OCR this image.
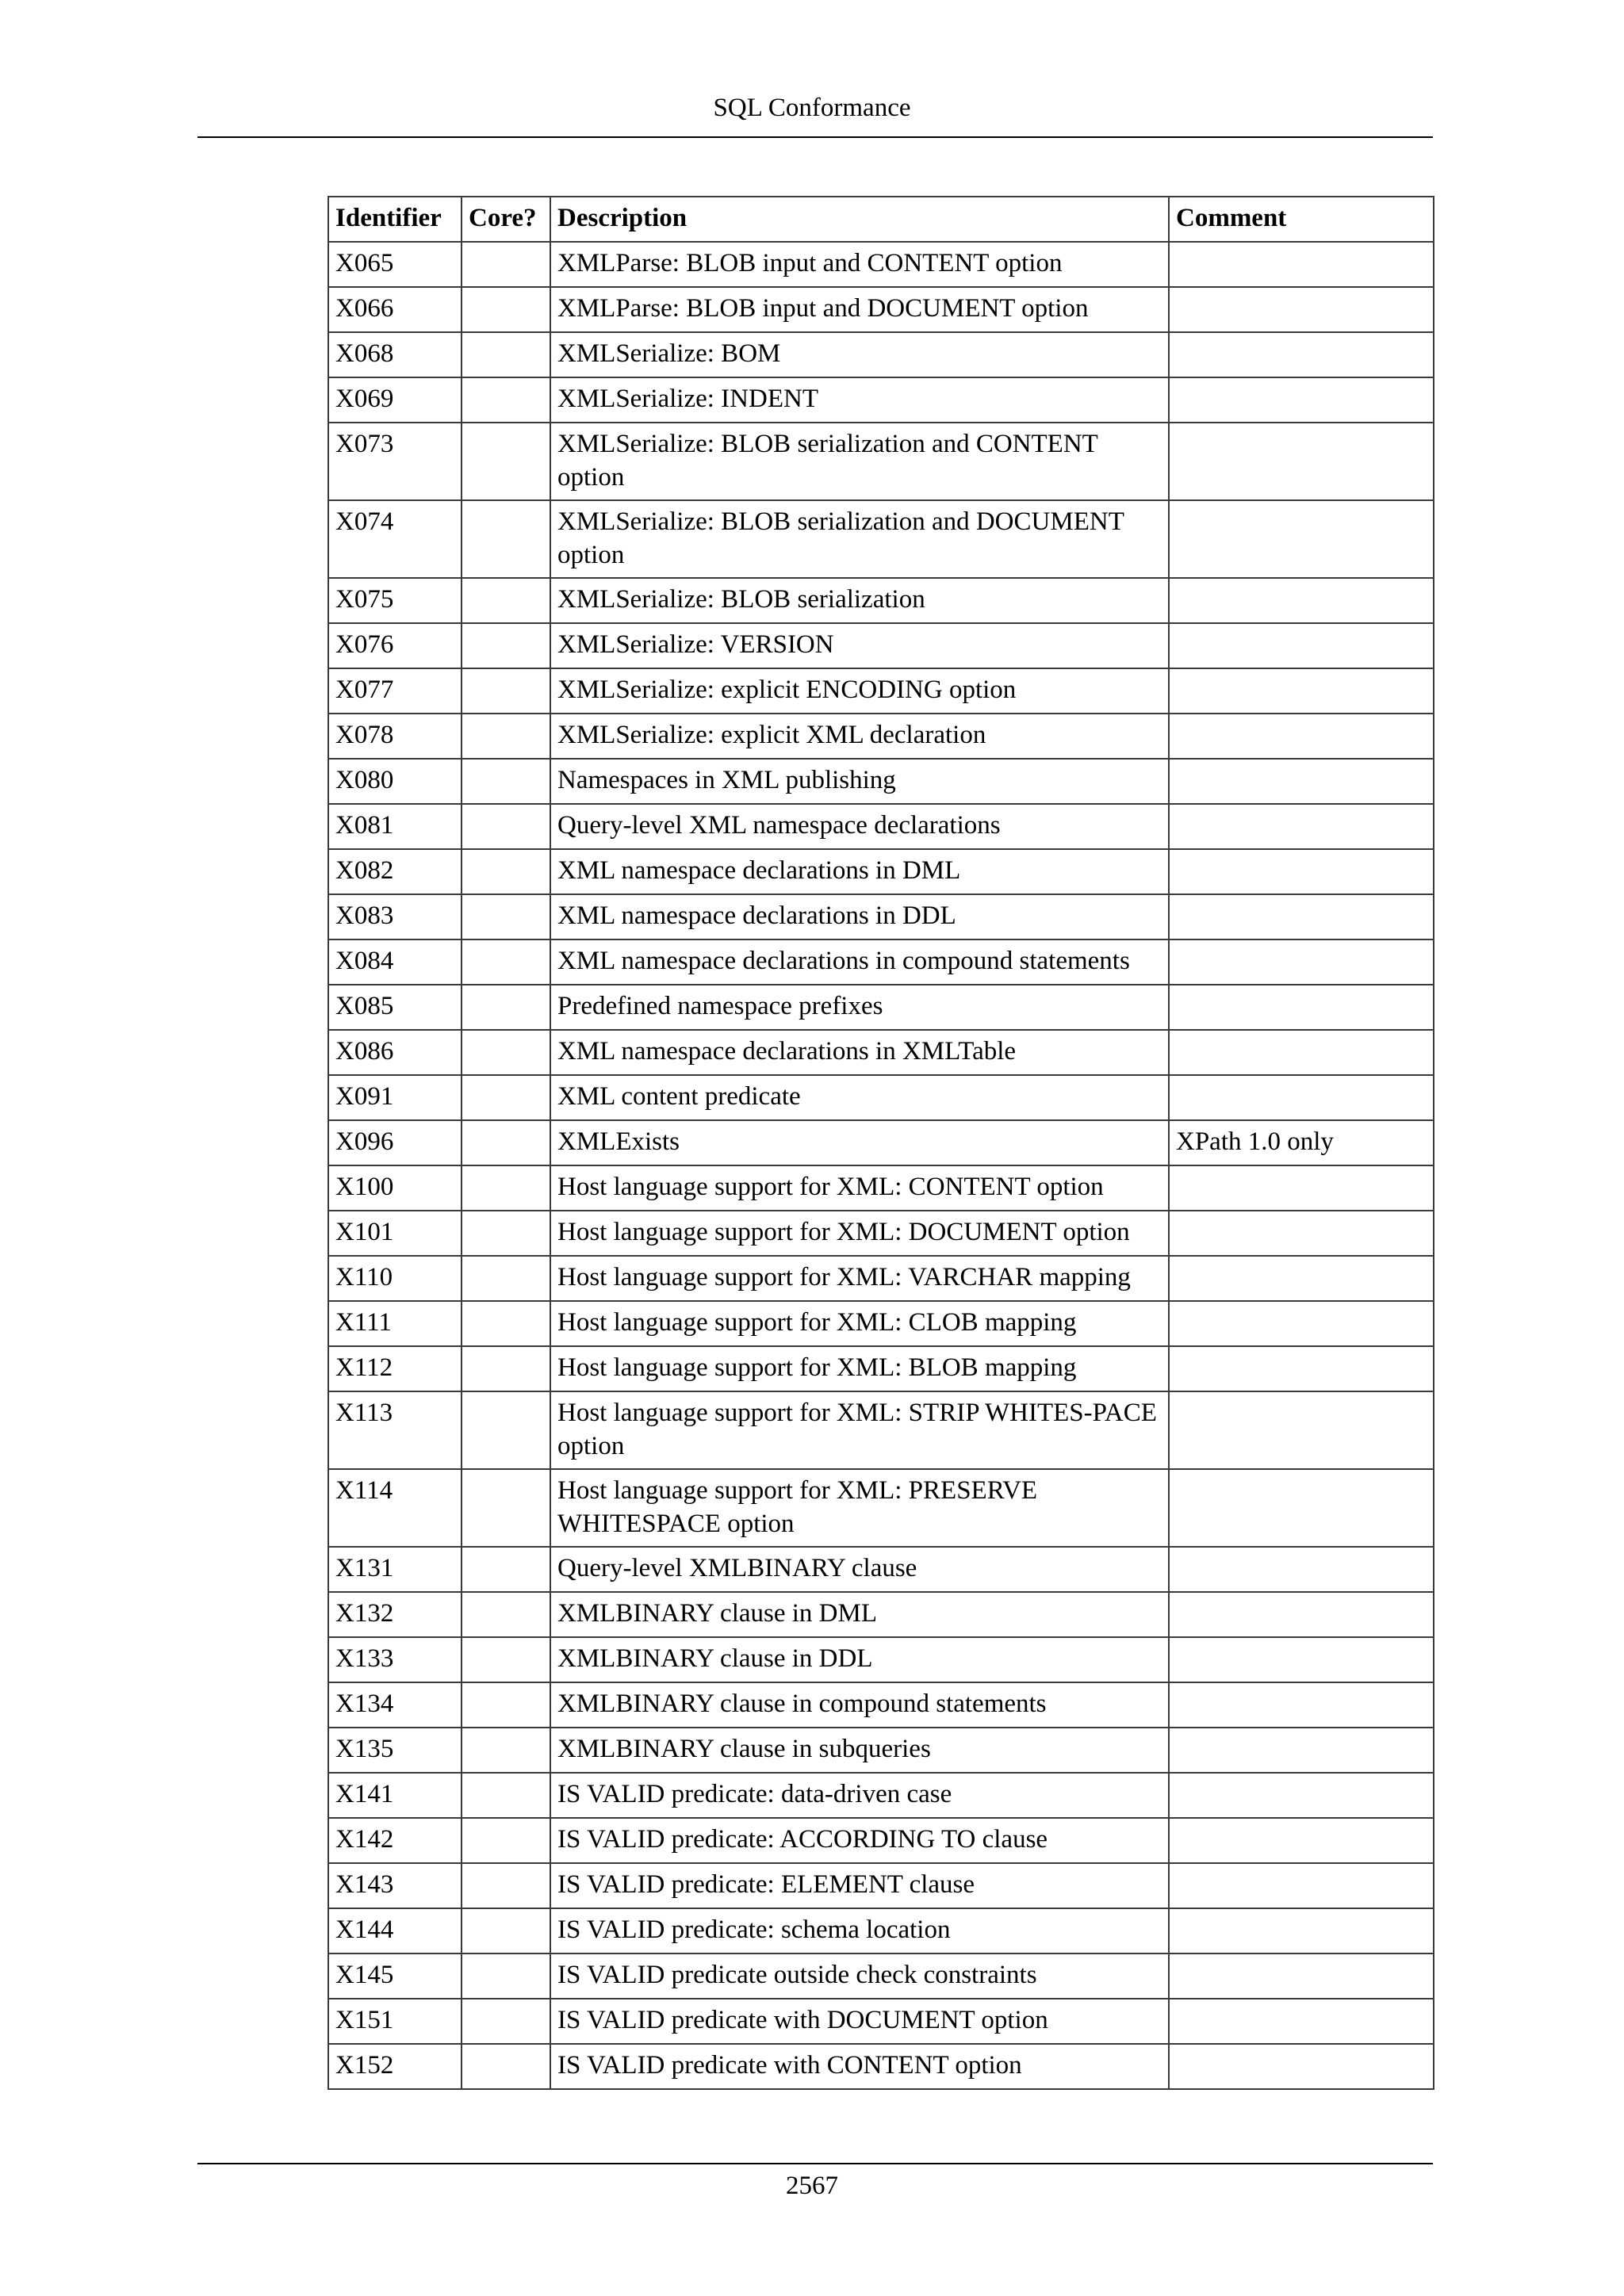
SQL Conformance
Identifier	Core?	Description	Comment
X065		XMLParse: BLOB input and CONTENT option	
X066		XMLParse: BLOB input and DOCUMENT option	
X068		XMLSerialize: BOM	
X069		XMLSerialize: INDENT	
X073		XMLSerialize: BLOB serialization and CONTENT option	
X074		XMLSerialize: BLOB serialization and DOCUMENT option	
X075		XMLSerialize: BLOB serialization	
X076		XMLSerialize: VERSION	
X077		XMLSerialize: explicit ENCODING option	
X078		XMLSerialize: explicit XML declaration	
X080		Namespaces in XML publishing	
X081		Query-level XML namespace declarations	
X082		XML namespace declarations in DML	
X083		XML namespace declarations in DDL	
X084		XML namespace declarations in compound statements	
X085		Predefined namespace prefixes	
X086		XML namespace declarations in XMLTable	
X091		XML content predicate	
X096		XMLExists	XPath 1.0 only
X100		Host language support for XML: CONTENT option	
X101		Host language support for XML: DOCUMENT option	
X110		Host language support for XML: VARCHAR mapping	
X111		Host language support for XML: CLOB mapping	
X112		Host language support for XML: BLOB mapping	
X113		Host language support for XML: STRIP WHITES-PACE option	
X114		Host language support for XML: PRESERVE WHITESPACE option	
X131		Query-level XMLBINARY clause	
X132		XMLBINARY clause in DML	
X133		XMLBINARY clause in DDL	
X134		XMLBINARY clause in compound statements	
X135		XMLBINARY clause in subqueries	
X141		IS VALID predicate: data-driven case	
X142		IS VALID predicate: ACCORDING TO clause	
X143		IS VALID predicate: ELEMENT clause	
X144		IS VALID predicate: schema location	
X145		IS VALID predicate outside check constraints	
X151		IS VALID predicate with DOCUMENT option	
X152		IS VALID predicate with CONTENT option	
2567
